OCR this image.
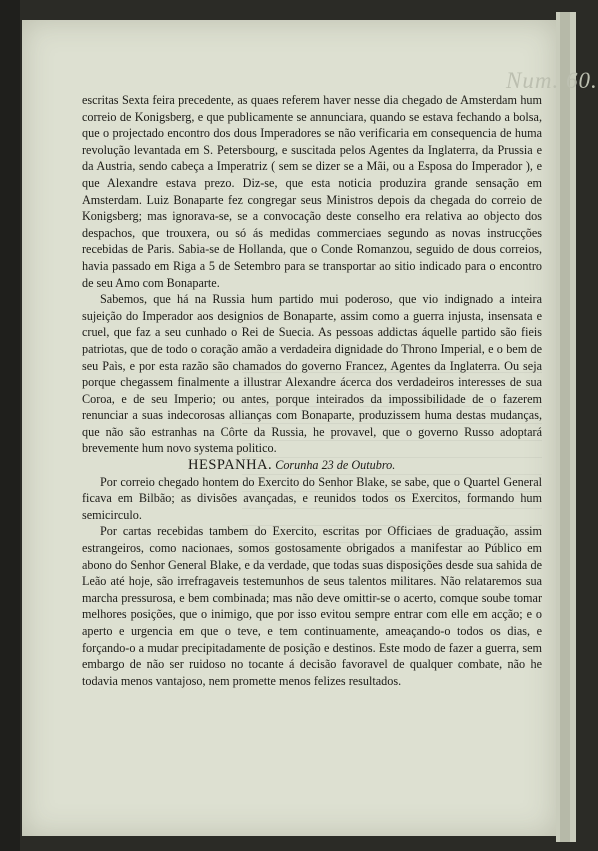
Num. 60.

escritas Sexta feira precedente, as quaes referem haver nesse dia chegado de Amsterdam hum correio de Konigsberg, e que publicamente se annunciara, quando se estava fechando a bolsa, que o projectado encontro dos dous Imperadores se não verificaria em consequencia de huma revolução levantada em S. Petersbourg, e suscitada pelos Agentes da Inglaterra, da Prussia e da Austria, sendo cabeça a Imperatriz ( sem se dizer se a Mãi, ou a Esposa do Imperador ), e que Alexandre estava prezo. Diz-se, que esta noticia produzira grande sensação em Amsterdam. Luiz Bonaparte fez congregar seus Ministros depois da chegada do correio de Konigsberg; mas ignorava-se, se a convocação deste conselho era relativa ao objecto dos despachos, que trouxera, ou só ás medidas commerciaes segundo as novas instrucções recebidas de Paris. Sabia-se de Hollanda, que o Conde Romanzou, seguido de dous correios, havia passado em Riga a 5 de Setembro para se transportar ao sitio indicado para o encontro de seu Amo com Bonaparte.

Sabemos, que há na Russia hum partido mui poderoso, que vio indignado a inteira sujeição do Imperador aos designios de Bonaparte, assim como a guerra injusta, insensata e cruel, que faz a seu cunhado o Rei de Suecia. As pessoas addictas áquelle partido são fieis patriotas, que de todo o coração amão a verdadeira dignidade do Throno Imperial, e o bem de seu Paìs, e por esta razão são chamados do governo Francez, Agentes da Inglaterra. Ou seja porque chegassem finalmente a illustrar Alexandre ácerca dos verdadeiros interesses de sua Coroa, e de seu Imperio; ou antes, porque inteirados da impossibilidade de o fazerem renunciar a suas indecorosas allianças com Bonaparte, produzissem huma destas mudanças, que não são estranhas na Côrte da Russia, he provavel, que o governo Russo adoptará brevemente hum novo systema politico.

HESPANHA. Corunha 23 de Outubro.

Por correio chegado hontem do Exercito do Senhor Blake, se sabe, que o Quartel General ficava em Bilbão; as divisões avançadas, e reunidos todos os Exercitos, formando hum semicirculo.

Por cartas recebidas tambem do Exercito, escritas por Officiaes de graduação, assim estrangeiros, como nacionaes, somos gostosamente obrigados a manifestar ao Público em abono do Senhor General Blake, e da verdade, que todas suas disposições desde sua sahida de Leão até hoje, são irrefragaveis testemunhos de seus talentos militares. Não relataremos sua marcha pressurosa, e bem combinada; mas não deve omittir-se o acerto, comque soube tomar melhores posições, que o inimigo, que por isso evitou sempre entrar com elle em acção; e o aperto e urgencia em que o teve, e tem continuamente, ameaçando-o todos os dias, e forçando-o a mudar precipitadamente de posição e destinos. Este modo de fazer a guerra, sem embargo de não ser ruidoso no tocante á decisão favoravel de qualquer combate, não he todavia menos vantajoso, nem promette menos felizes resultados.
